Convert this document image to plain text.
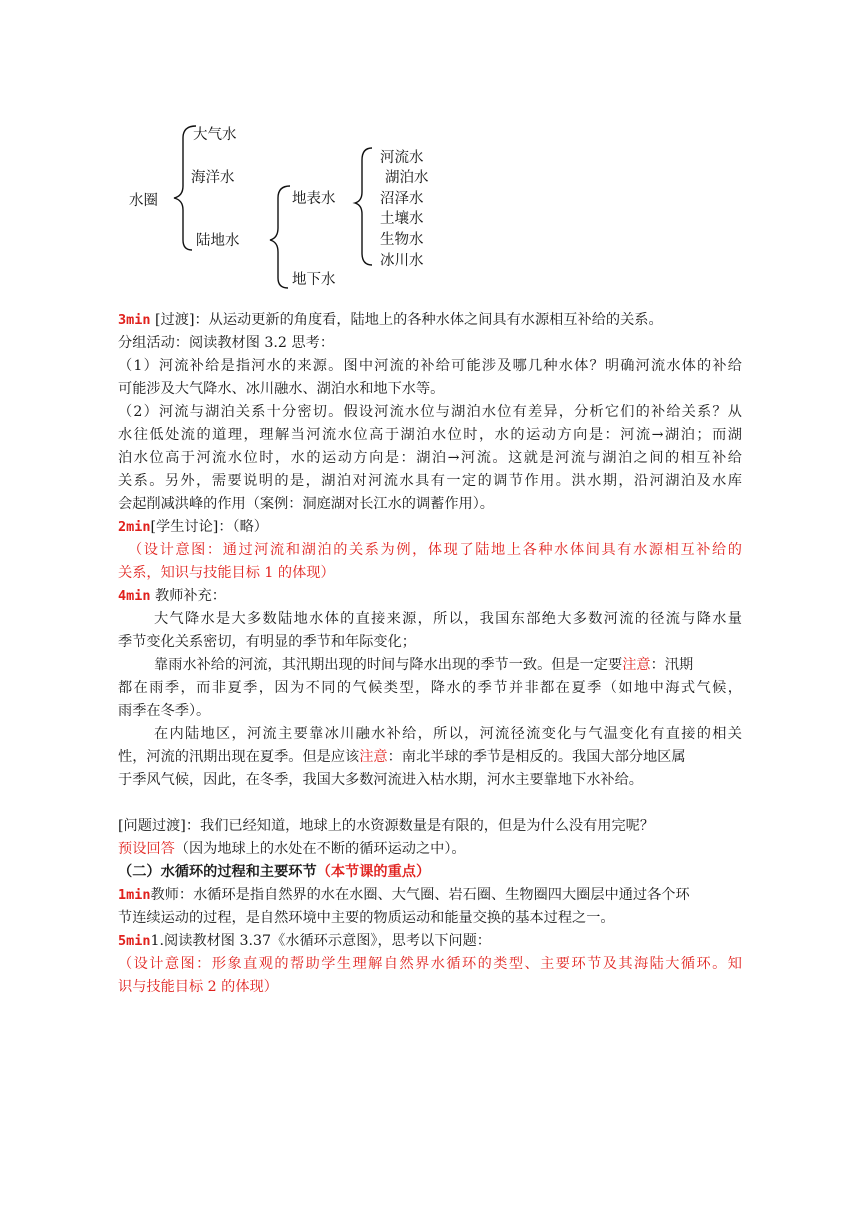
水圈
大气水
海洋水
陆地水
地表水
地下水
河流水
湖泊水
沼泽水
土壤水
生物水
冰川水
3min [过渡]：从运动更新的角度看，陆地上的各种水体之间具有水源相互补给的关系。
分组活动：阅读教材图 3.2 思考：
（1）河流补给是指河水的来源。图中河流的补给可能涉及哪几种水体？明确河流水体的补给
可能涉及大气降水、冰川融水、湖泊水和地下水等。
（2）河流与湖泊关系十分密切。假设河流水位与湖泊水位有差异，分析它们的补给关系？从
水往低处流的道理，理解当河流水位高于湖泊水位时，水的运动方向是：河流→湖泊；而湖
泊水位高于河流水位时，水的运动方向是：湖泊→河流。这就是河流与湖泊之间的相互补给
关系。另外，需要说明的是，湖泊对河流水具有一定的调节作用。洪水期，沿河湖泊及水库
会起削减洪峰的作用（案例：洞庭湖对长江水的调蓄作用）。
2min[学生讨论]：（略）
（设计意图：通过河流和湖泊的关系为例，体现了陆地上各种水体间具有水源相互补给的
关系，知识与技能目标 1 的体现）
4min 教师补充：
大气降水是大多数陆地水体的直接来源，所以，我国东部绝大多数河流的径流与降水量
季节变化关系密切，有明显的季节和年际变化；
靠雨水补给的河流，其汛期出现的时间与降水出现的季节一致。但是一定要注意：汛期
都在雨季，而非夏季，因为不同的气候类型，降水的季节并非都在夏季（如地中海式气候，
雨季在冬季）。
在内陆地区，河流主要靠冰川融水补给，所以，河流径流变化与气温变化有直接的相关
性，河流的汛期出现在夏季。但是应该注意：南北半球的季节是相反的。我国大部分地区属
于季风气候，因此，在冬季，我国大多数河流进入枯水期，河水主要靠地下水补给。
[问题过渡]：我们已经知道，地球上的水资源数量是有限的，但是为什么没有用完呢？
预设回答（因为地球上的水处在不断的循环运动之中）。
（二）水循环的过程和主要环节（本节课的重点）
1min教师：水循环是指自然界的水在水圈、大气圈、岩石圈、生物圈四大圈层中通过各个环
节连续运动的过程，是自然环境中主要的物质运动和能量交换的基本过程之一。
5min1.阅读教材图 3.37《水循环示意图》，思考以下问题：
（设计意图：形象直观的帮助学生理解自然界水循环的类型、主要环节及其海陆大循环。知
识与技能目标 2 的体现）
